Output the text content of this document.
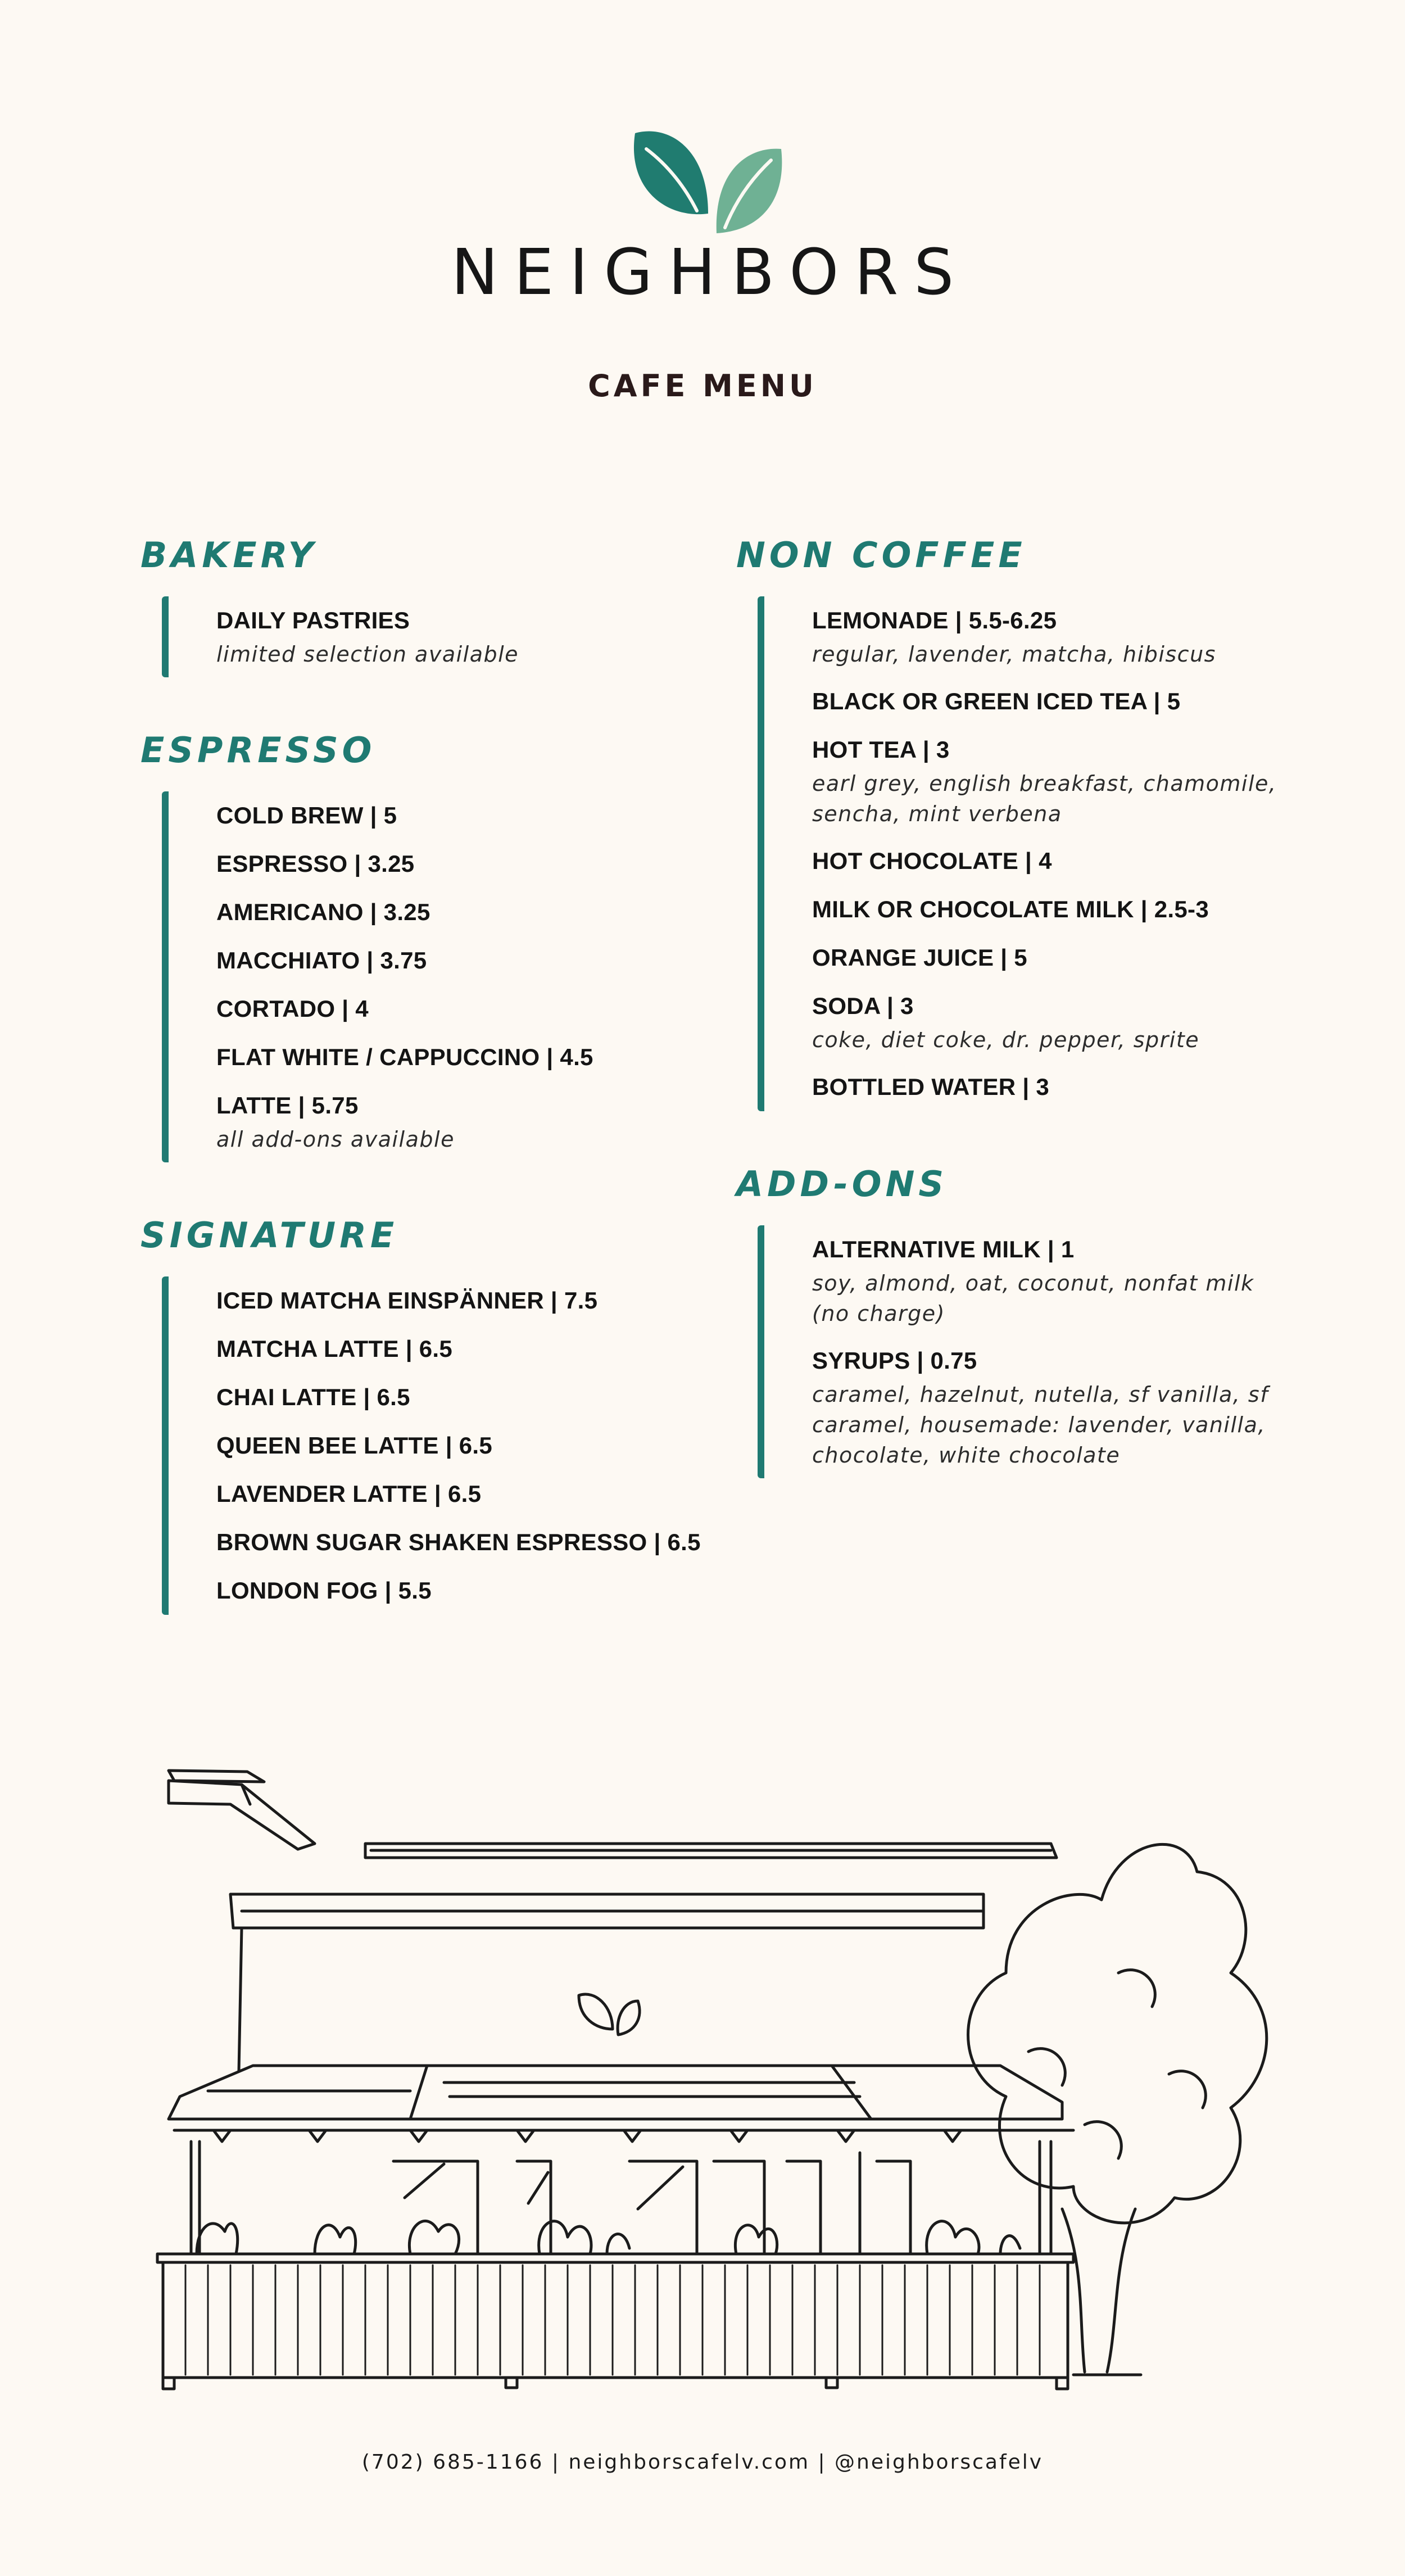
NEIGHBORS
CAFE MENU
BAKERY
DAILY PASTRIES
limited selection available
ESPRESSO
COLD BREW | 5
ESPRESSO | 3.25
AMERICANO | 3.25
MACCHIATO | 3.75
CORTADO | 4
FLAT WHITE / CAPPUCCINO | 4.5
LATTE | 5.75
all add-ons available
SIGNATURE
ICED MATCHA EINSPÄNNER | 7.5
MATCHA LATTE | 6.5
CHAI LATTE | 6.5
QUEEN BEE LATTE | 6.5
LAVENDER LATTE | 6.5
BROWN SUGAR SHAKEN ESPRESSO | 6.5
LONDON FOG | 5.5
NON COFFEE
LEMONADE | 5.5-6.25
regular, lavender, matcha, hibiscus
BLACK OR GREEN ICED TEA | 5
HOT TEA | 3
earl grey, english breakfast, chamomile, sencha, mint verbena
HOT CHOCOLATE | 4
MILK OR CHOCOLATE MILK | 2.5-3
ORANGE JUICE | 5
SODA | 3
coke, diet coke, dr. pepper, sprite
BOTTLED WATER | 3
ADD-ONS
ALTERNATIVE MILK | 1
soy, almond, oat, coconut, nonfat milk (no charge)
SYRUPS | 0.75
caramel, hazelnut, nutella, sf vanilla, sf caramel, housemade: lavender, vanilla, chocolate, white chocolate
(702) 685-1166 | neighborscafelv.com | @neighborscafelv
